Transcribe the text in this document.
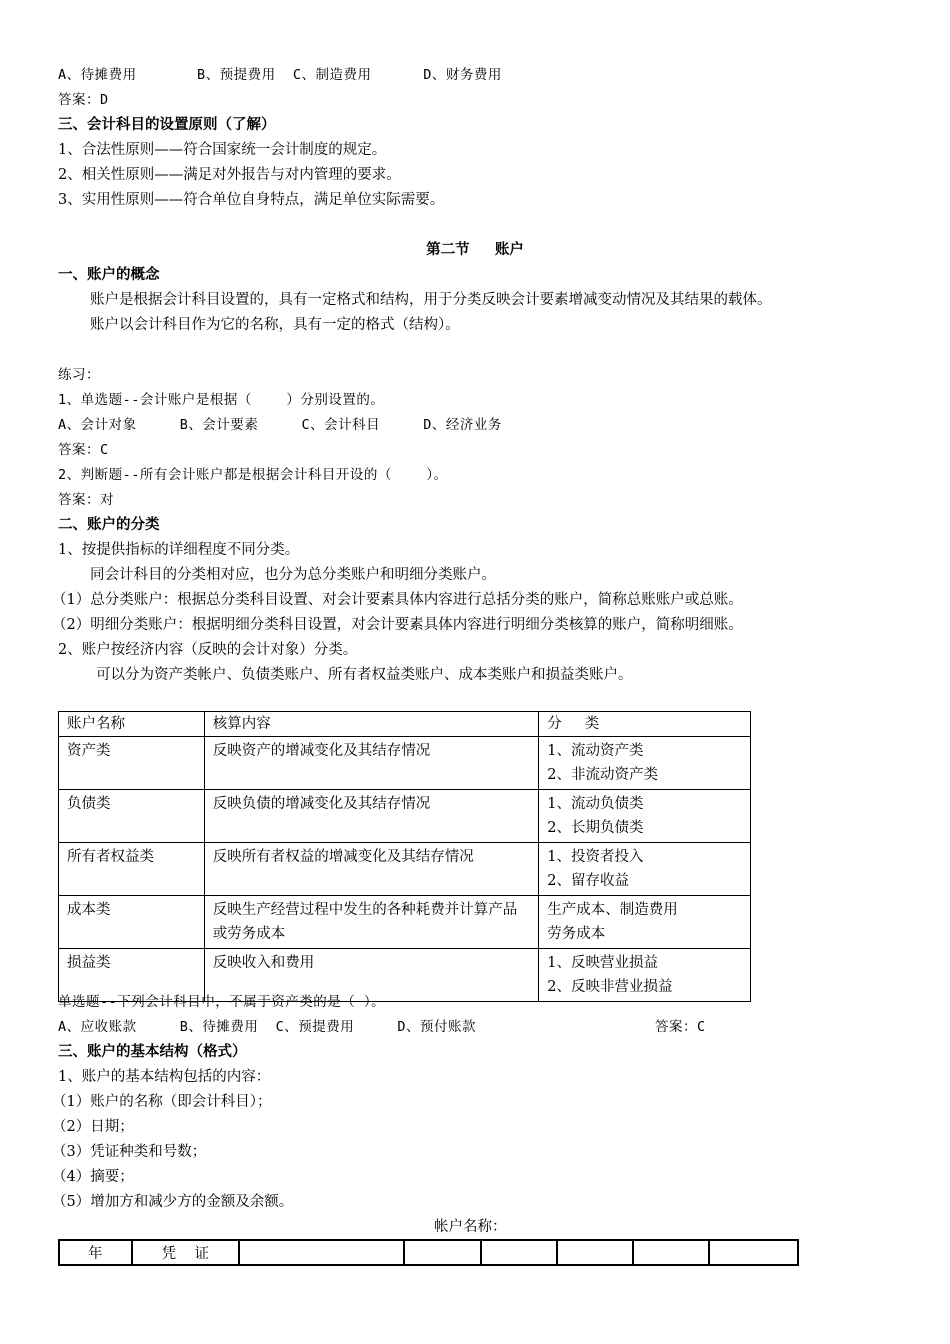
A、待摊费用       B、预提费用  C、制造费用      D、财务费用
答案：D
三、会计科目的设置原则（了解）
1、合法性原则——符合国家统一会计制度的规定。
2、相关性原则——满足对外报告与对内管理的要求。
3、实用性原则——符合单位自身特点，满足单位实际需要。
第二节     账户
一、账户的概念
账户是根据会计科目设置的，具有一定格式和结构，用于分类反映会计要素增减变动情况及其结果的载体。
账户以会计科目作为它的名称，具有一定的格式（结构）。
练习：
1、单选题--会计账户是根据（    ）分别设置的。
A、会计对象     B、会计要素     C、会计科目     D、经济业务
答案：C
2、判断题--所有会计账户都是根据会计科目开设的（    ）。
答案：对
二、账户的分类
1、按提供指标的详细程度不同分类。
同会计科目的分类相对应，也分为总分类账户和明细分类账户。
（1）总分类账户：根据总分类科目设置、对会计要素具体内容进行总括分类的账户，简称总账账户或总账。
（2）明细分类账户：根据明细分类科目设置，对会计要素具体内容进行明细分类核算的账户，简称明细账。
2、账户按经济内容（反映的会计对象）分类。
可以分为资产类帐户、负债类账户、所有者权益类账户、成本类账户和损益类账户。
账户名称	核算内容	分     类
资产类	反映资产的增减变化及其结存情况	1、流动资产类
2、非流动资产类

负债类	反映负债的增减变化及其结存情况	1、流动负债类
2、长期负债类

所有者权益类	反映所有者权益的增减变化及其结存情况	1、投资者投入
2、留存收益

成本类	反映生产经营过程中发生的各种耗费并计算产品或劳务成本	生产成本、制造费用
劳务成本

损益类	反映收入和费用	1、反映营业损益
2、反映非营业损益
单选题--下列会计科目中，不属于资产类的是（ ）。
A、应收账款     B、待摊费用  C、预提费用     D、预付账款	答案：C
三、账户的基本结构（格式）
1、账户的基本结构包括的内容：
（1）账户的名称（即会计科目）；
（2）日期；
（3）凭证种类和号数；
（4）摘要；
（5）增加方和减少方的金额及余额。
帐户名称：
年	凭    证						
